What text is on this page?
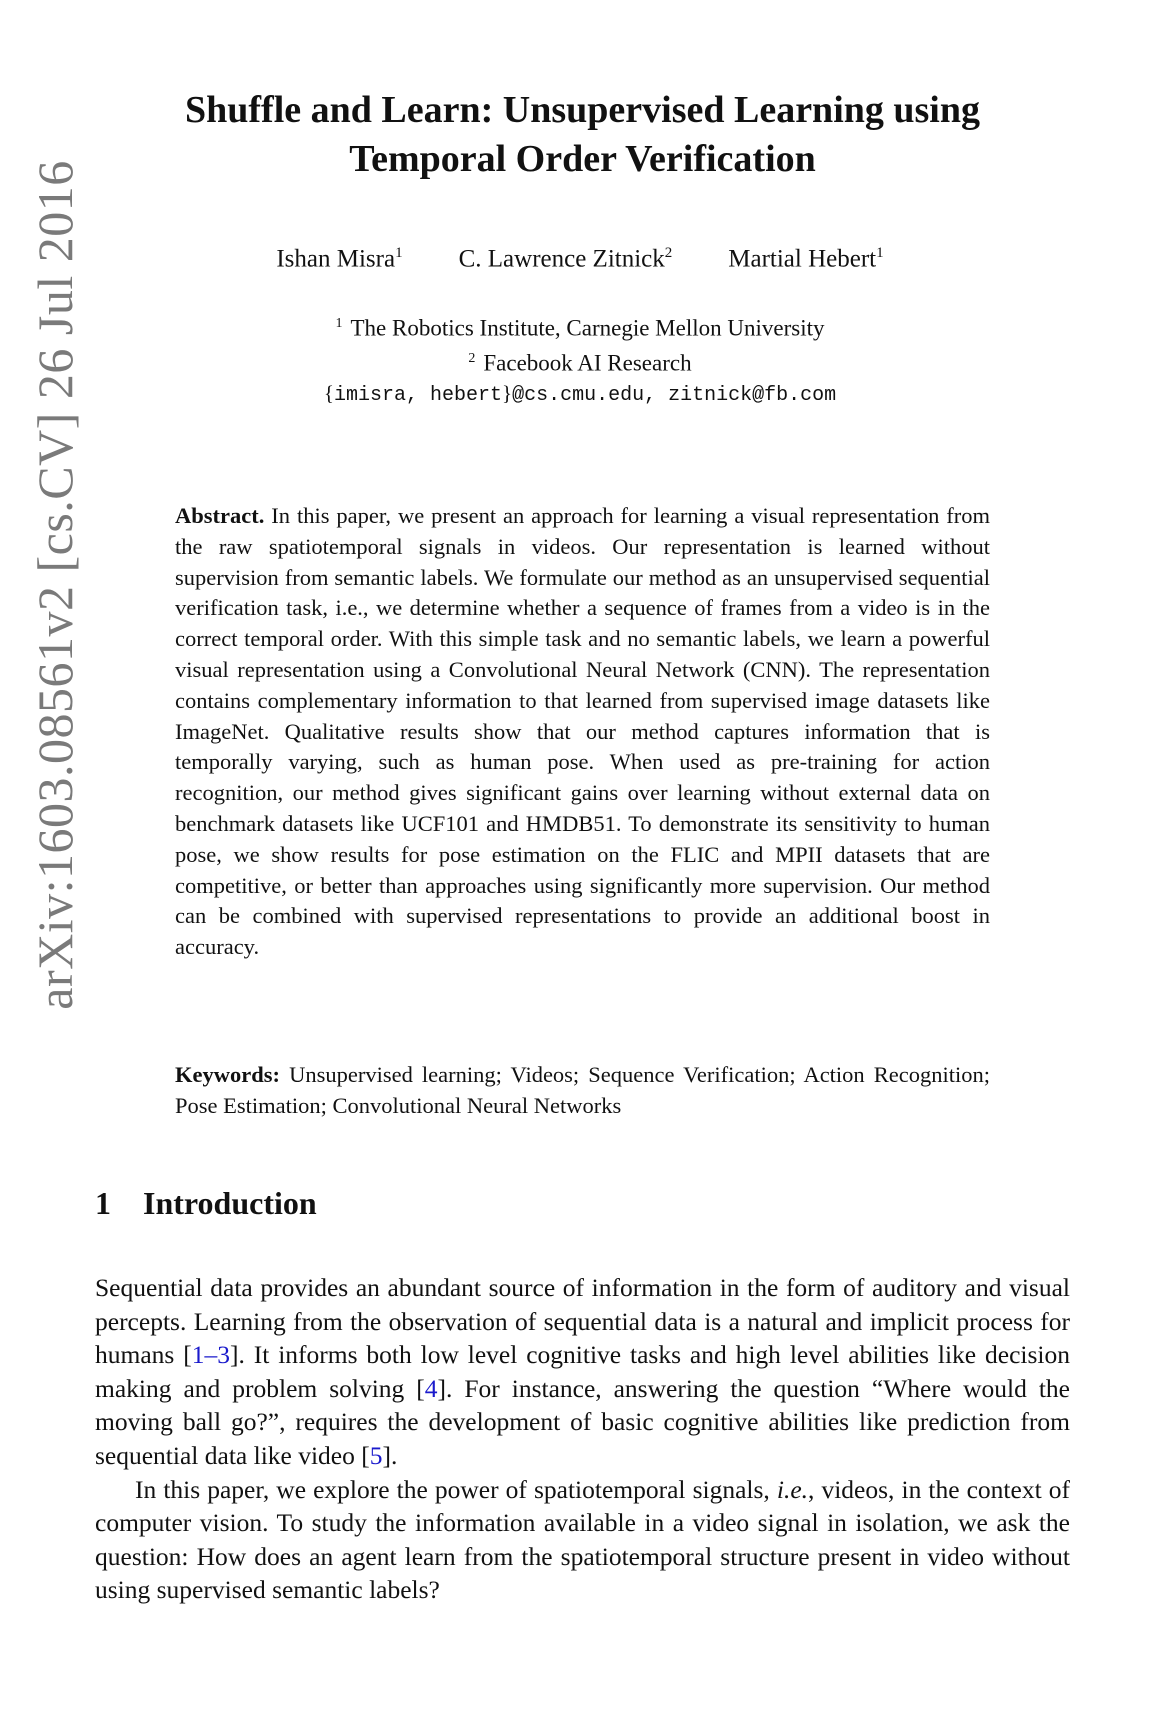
arXiv:1603.08561v2 [cs.CV] 26 Jul 2016
Shuffle and Learn: Unsupervised Learning using
Temporal Order Verification
Ishan Misra$^1$ C. Lawrence Zitnick$^2$ Martial Hebert$^1$
$^1$ The Robotics Institute, Carnegie Mellon University
$^2$ Facebook AI Research
{imisra, hebert}@cs.cmu.edu, zitnick@fb.com
Abstract. In this paper, we present an approach for learning a visual representation from the raw spatiotemporal signals in videos. Our representation is learned without supervision from semantic labels. We formulate our method as an unsupervised sequential verification task, i.e., we determine whether a sequence of frames from a video is in the correct temporal order. With this simple task and no semantic labels, we learn a powerful visual representation using a Convolutional Neural Network (CNN). The representation contains complementary information to that learned from supervised image datasets like ImageNet. Qualitative results show that our method captures information that is temporally varying, such as human pose. When used as pre-training for action recognition, our method gives significant gains over learning without external data on benchmark datasets like UCF101 and HMDB51. To demonstrate its sensitivity to human pose, we show results for pose estimation on the FLIC and MPII datasets that are competitive, or better than approaches using significantly more supervision. Our method can be combined with supervised representations to provide an additional boost in accuracy.
Keywords: Unsupervised learning; Videos; Sequence Verification; Action Recognition; Pose Estimation; Convolutional Neural Networks
1 Introduction

Sequential data provides an abundant source of information in the form of auditory and visual percepts. Learning from the observation of sequential data is a natural and implicit process for humans [1–3]. It informs both low level cognitive tasks and high level abilities like decision making and problem solving [4]. For instance, answering the question “Where would the moving ball go?”, requires the development of basic cognitive abilities like prediction from sequential data like video [5].

In this paper, we explore the power of spatiotemporal signals, i.e., videos, in the context of computer vision. To study the information available in a video signal in isolation, we ask the question: How does an agent learn from the spatiotemporal structure present in video without using supervised semantic labels?
